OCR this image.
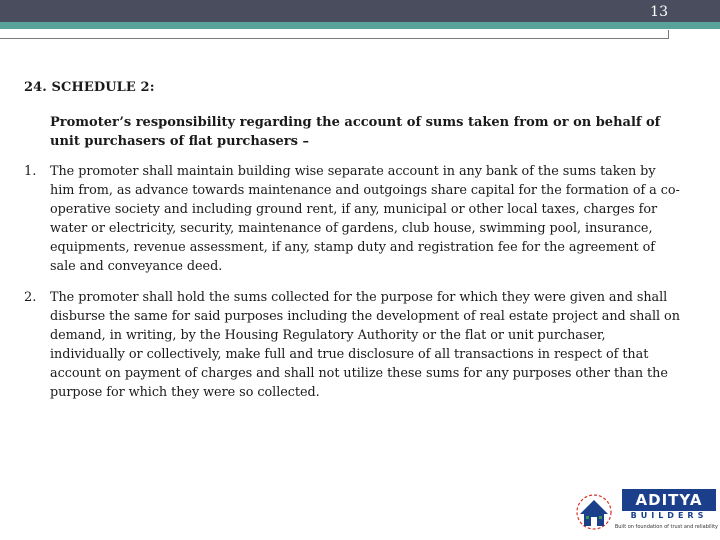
13
24. SCHEDULE 2:
Promoter’s responsibility regarding the account of sums taken from or on behalf of unit purchasers of flat purchasers –
1. The promoter shall maintain building wise separate account in any bank of the sums taken by him from, as advance towards maintenance and outgoings share capital for the formation of a co-operative society and including ground rent, if any, municipal or other local taxes, charges for water or electricity, security, maintenance of gardens, club house, swimming pool, insurance, equipments, revenue assessment, if any, stamp duty and registration fee for the agreement of sale and conveyance deed.
2. The promoter shall hold the sums collected for the purpose for which they were given and shall disburse the same for said purposes including the development of real estate project and shall on demand, in writing, by the Housing Regulatory Authority or the flat or unit purchaser, individually or collectively, make full and true disclosure of all transactions in respect of that account on payment of charges and shall not utilize these sums for any purposes other than the purpose for which they were so collected.
ADITYA
BUILDERS
Built on foundation of trust and reliability
